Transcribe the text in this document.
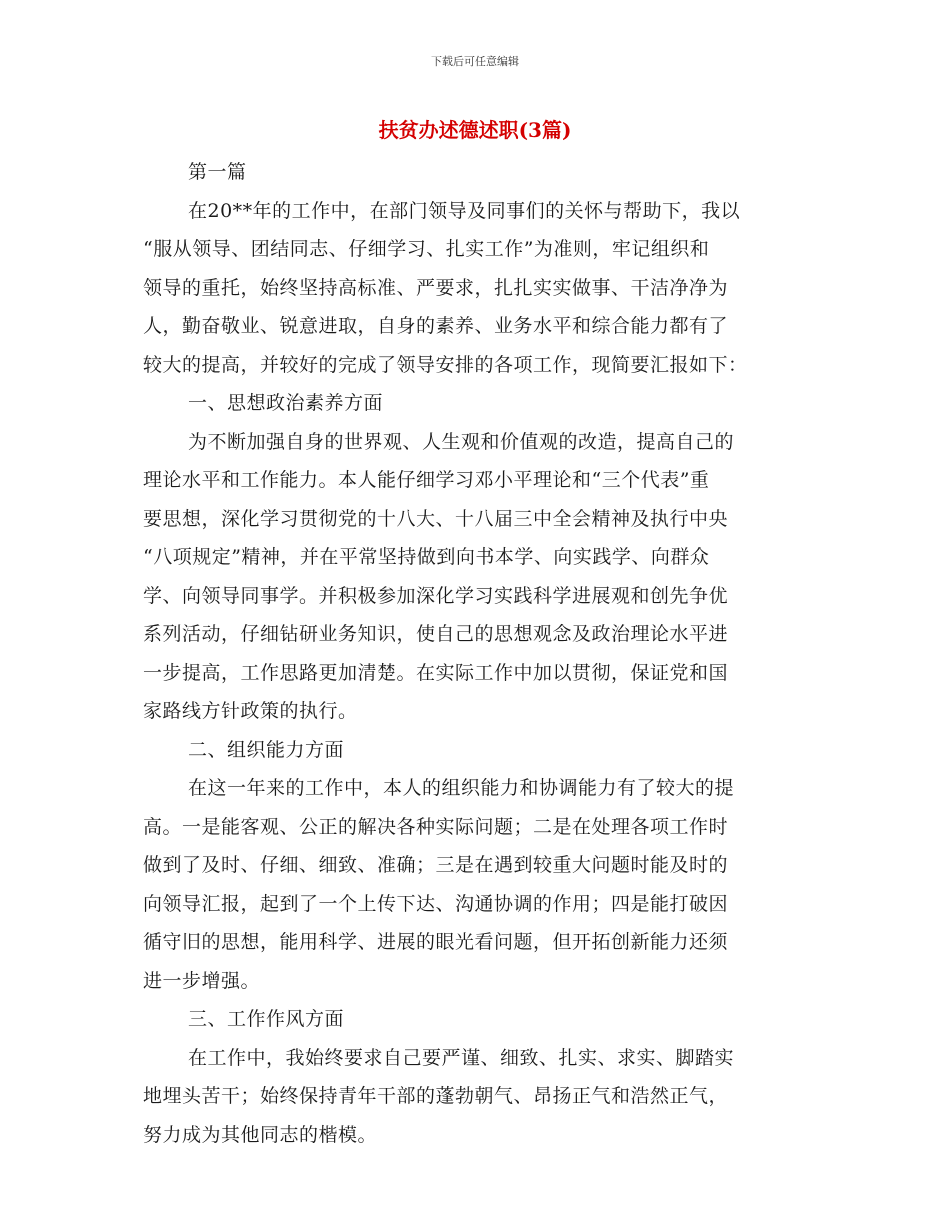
下载后可任意编辑
扶贫办述德述职(3篇)
第一篇
在20**年的工作中，在部门领导及同事们的关怀与帮助下，我以
“服从领导、团结同志、仔细学习、扎实工作”为准则，牢记组织和
领导的重托，始终坚持高标准、严要求，扎扎实实做事、干洁净净为
人，勤奋敬业、锐意进取，自身的素养、业务水平和综合能力都有了
较大的提高，并较好的完成了领导安排的各项工作，现简要汇报如下：
一、思想政治素养方面
为不断加强自身的世界观、人生观和价值观的改造，提高自己的
理论水平和工作能力。本人能仔细学习邓小平理论和“三个代表”重
要思想，深化学习贯彻党的十八大、十八届三中全会精神及执行中央
“八项规定”精神，并在平常坚持做到向书本学、向实践学、向群众
学、向领导同事学。并积极参加深化学习实践科学进展观和创先争优
系列活动，仔细钻研业务知识，使自己的思想观念及政治理论水平进
一步提高，工作思路更加清楚。在实际工作中加以贯彻，保证党和国
家路线方针政策的执行。
二、组织能力方面
在这一年来的工作中，本人的组织能力和协调能力有了较大的提
高。一是能客观、公正的解决各种实际问题；二是在处理各项工作时
做到了及时、仔细、细致、准确；三是在遇到较重大问题时能及时的
向领导汇报，起到了一个上传下达、沟通协调的作用；四是能打破因
循守旧的思想，能用科学、进展的眼光看问题，但开拓创新能力还须
进一步增强。
三、工作作风方面
在工作中，我始终要求自己要严谨、细致、扎实、求实、脚踏实
地埋头苦干；始终保持青年干部的蓬勃朝气、昂扬正气和浩然正气，
努力成为其他同志的楷模。
